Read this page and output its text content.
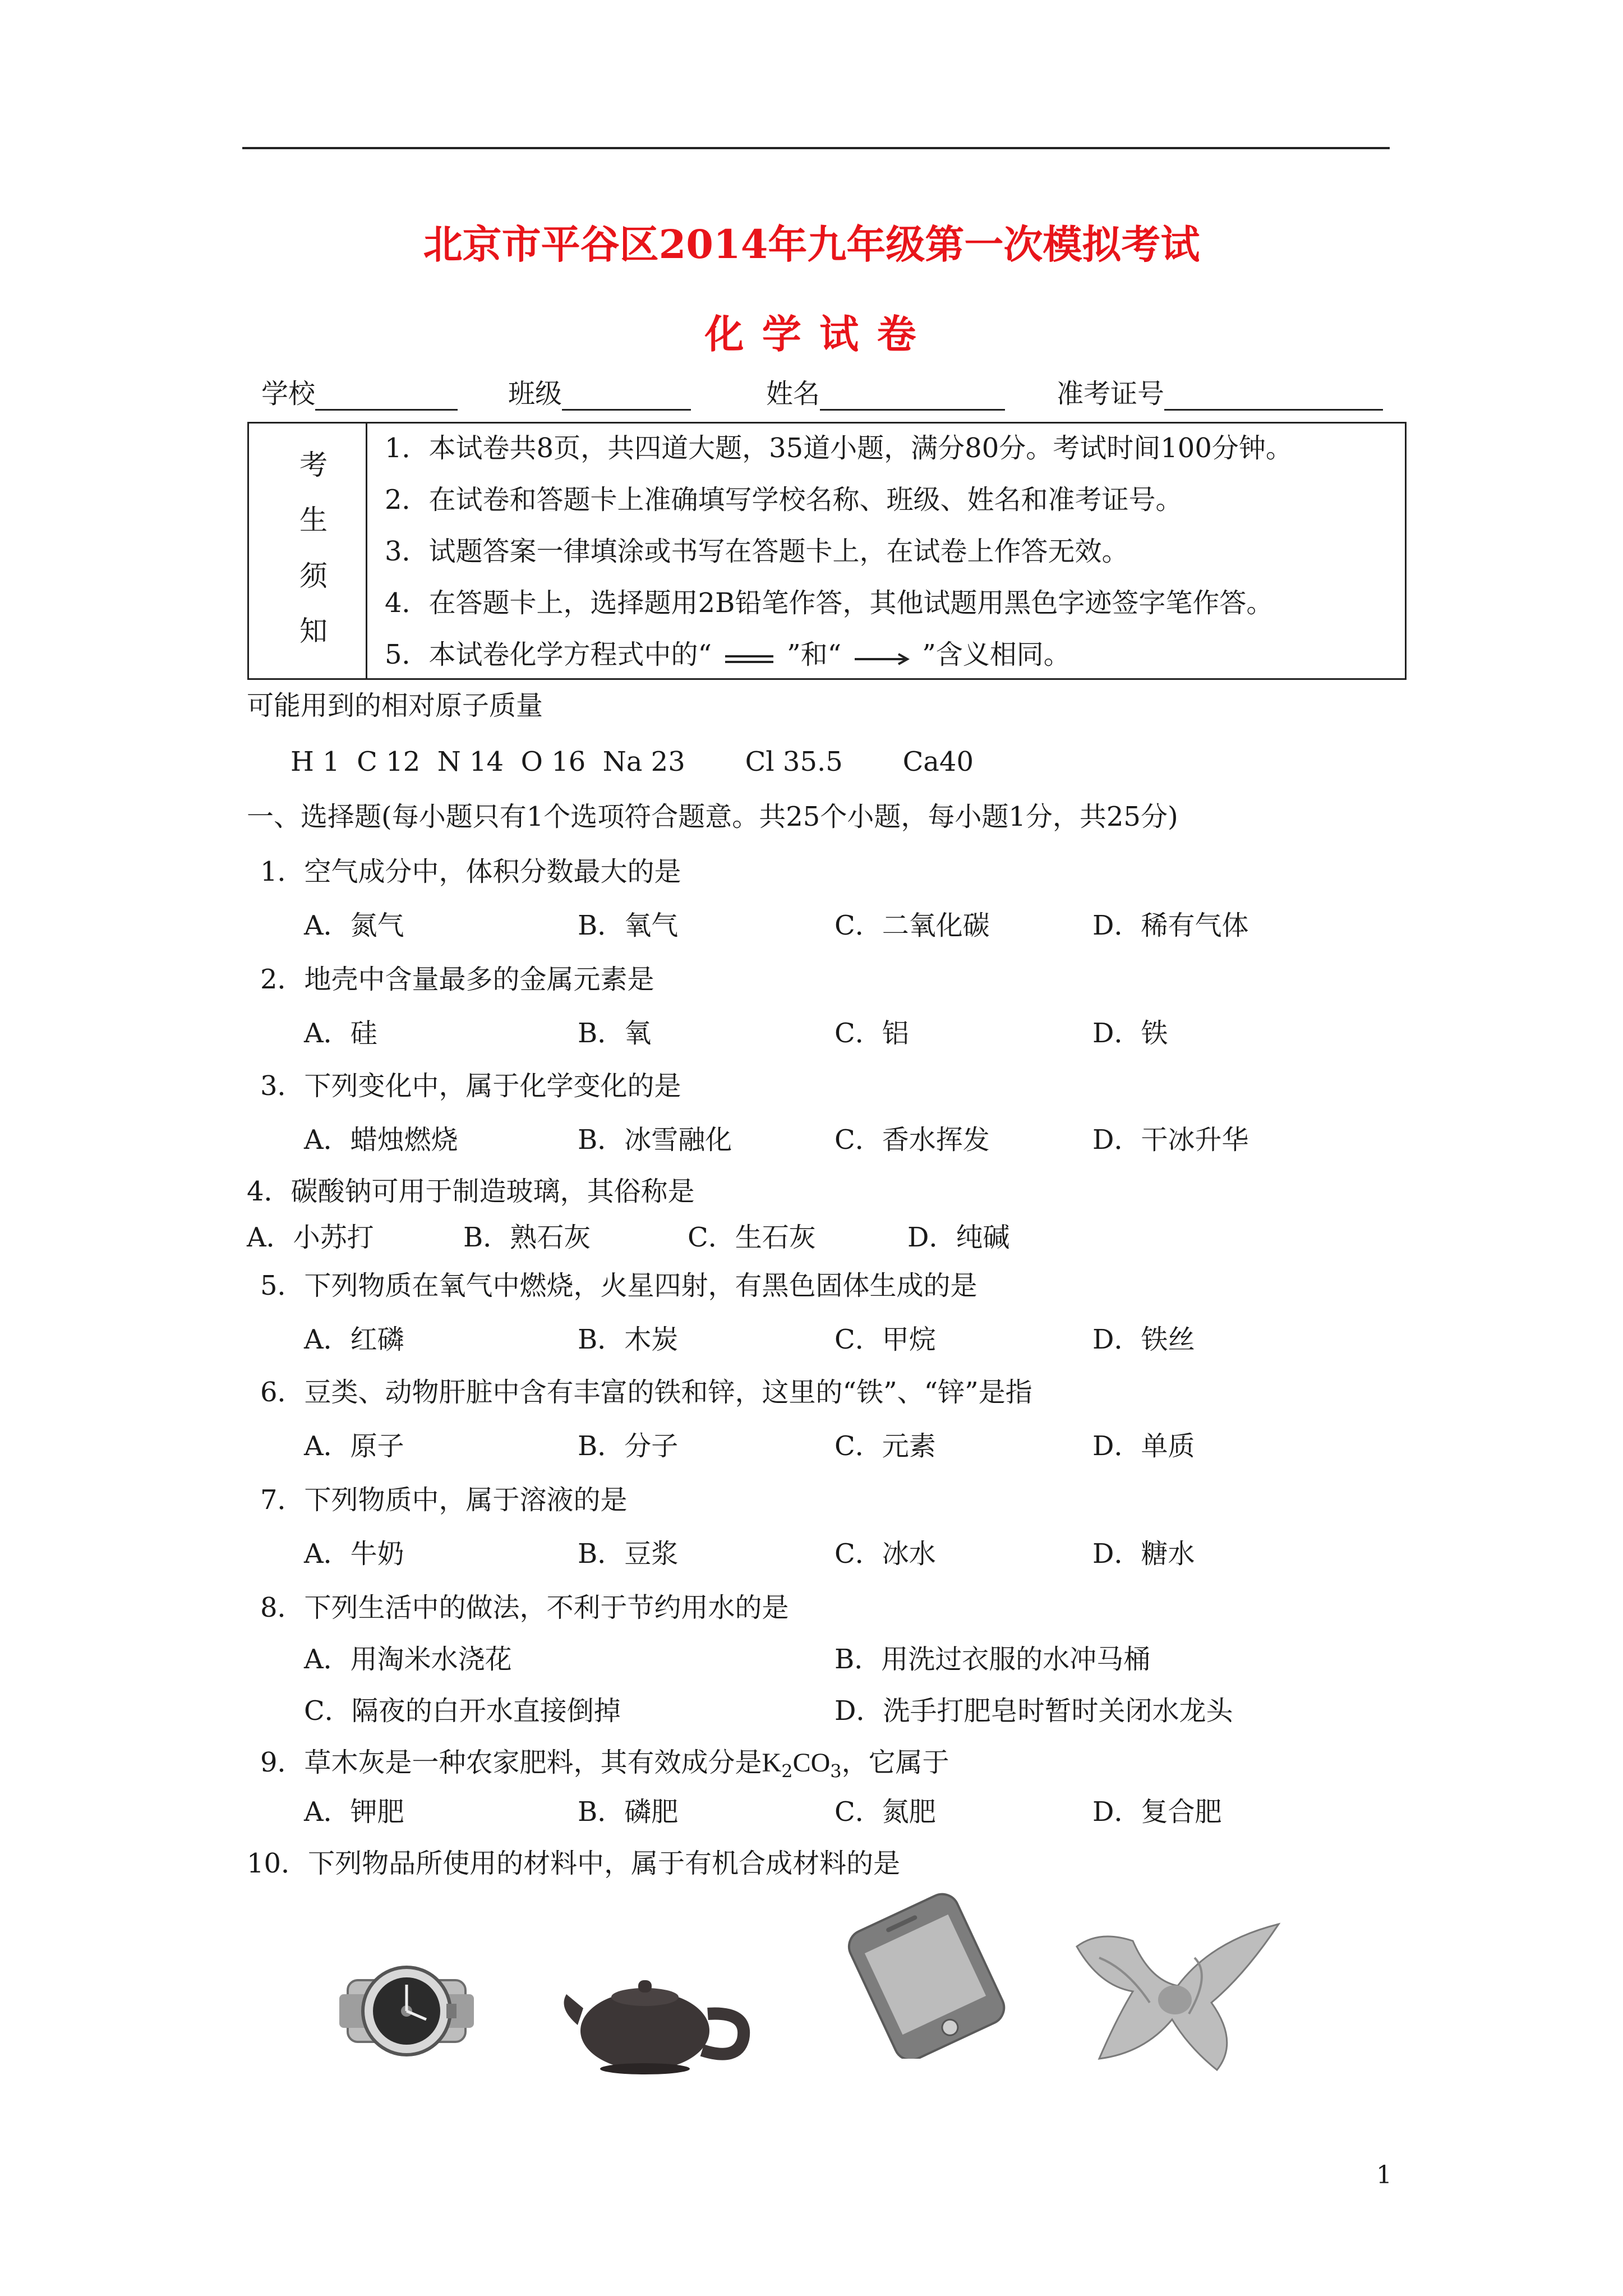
北京市平谷区2014年九年级第一次模拟考试
化 学 试 卷
学校	班级	姓名	准考证号
考
生
须
知
1．本试卷共8页，共四道大题，35道小题，满分80分。考试时间100分钟。
2．在试卷和答题卡上准确填写学校名称、班级、姓名和准考证号。
3．试题答案一律填涂或书写在答题卡上，在试卷上作答无效。
4．在答题卡上，选择题用2B铅笔作答，其他试题用黑色字迹签字笔作答。
5．本试卷化学方程式中的“	”和“	”含义相同。
可能用到的相对原子质量
H 1  C 12  N 14  O 16  Na 23       Cl 35.5       Ca40
一、选择题(每小题只有1个选项符合题意。共25个小题，每小题1分，共25分)
1．空气成分中，体积分数最大的是
A．氮气	B．氧气	C．二氧化碳	D．稀有气体
2．地壳中含量最多的金属元素是
A．硅	B．氧	C．铝	D．铁
3．下列变化中，属于化学变化的是
A．蜡烛燃烧	B．冰雪融化	C．香水挥发	D．干冰升华
4．碳酸钠可用于制造玻璃，其俗称是
A．小苏打	B．熟石灰	C．生石灰	D．纯碱
5．下列物质在氧气中燃烧，火星四射，有黑色固体生成的是
A．红磷	B．木炭	C．甲烷	D．铁丝
6．豆类、动物肝脏中含有丰富的铁和锌，这里的“铁”、“锌”是指
A．原子	B．分子	C．元素	D．单质
7．下列物质中，属于溶液的是
A．牛奶	B．豆浆	C．冰水	D．糖水
8．下列生活中的做法，不利于节约用水的是
A．用淘米水浇花	B．用洗过衣服的水冲马桶
C．隔夜的白开水直接倒掉	D．洗手打肥皂时暂时关闭水龙头
9．草木灰是一种农家肥料，其有效成分是$K_2CO_3$，它属于
A．钾肥	B．磷肥	C．氮肥	D．复合肥
10．下列物品所使用的材料中，属于有机合成材料的是
1
